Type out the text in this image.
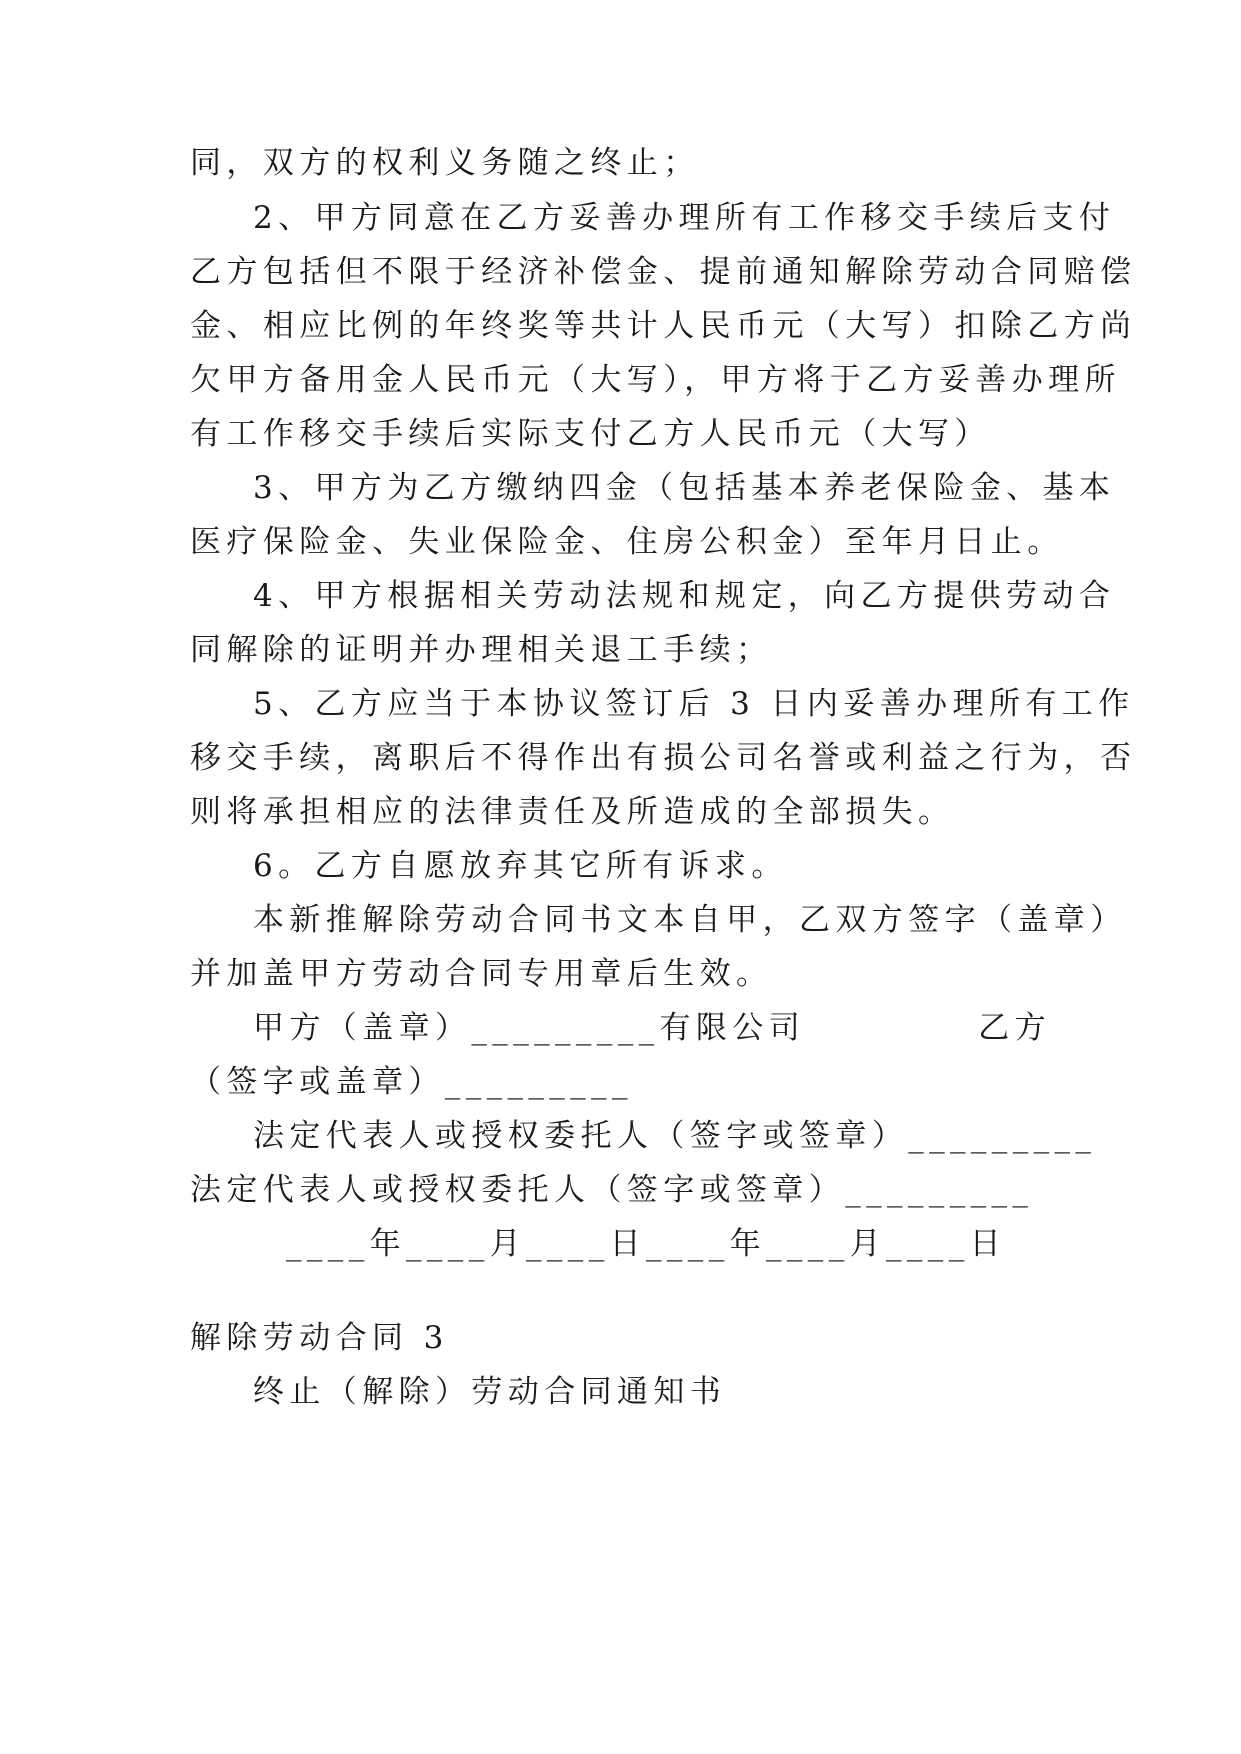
同，双方的权利义务随之终止；
2、甲方同意在乙方妥善办理所有工作移交手续后支付
乙方包括但不限于经济补偿金、提前通知解除劳动合同赔偿
金、相应比例的年终奖等共计人民币元（大写）扣除乙方尚
欠甲方备用金人民币元（大写），甲方将于乙方妥善办理所
有工作移交手续后实际支付乙方人民币元（大写）
3、甲方为乙方缴纳四金（包括基本养老保险金、基本
医疗保险金、失业保险金、住房公积金）至年月日止。
4、甲方根据相关劳动法规和规定，向乙方提供劳动合
同解除的证明并办理相关退工手续；
5、乙方应当于本协议签订后 3 日内妥善办理所有工作
移交手续，离职后不得作出有损公司名誉或利益之行为，否
则将承担相应的法律责任及所造成的全部损失。
6。乙方自愿放弃其它所有诉求。
本新推解除劳动合同书文本自甲，乙双方签字（盖章）
并加盖甲方劳动合同专用章后生效。
甲方（盖章）_________有限公司	乙方
（签字或盖章）_________
法定代表人或授权委托人（签字或签章）_________
法定代表人或授权委托人（签字或签章）_________
____年____月____日____年____月____日
解除劳动合同 3
终止（解除）劳动合同通知书
